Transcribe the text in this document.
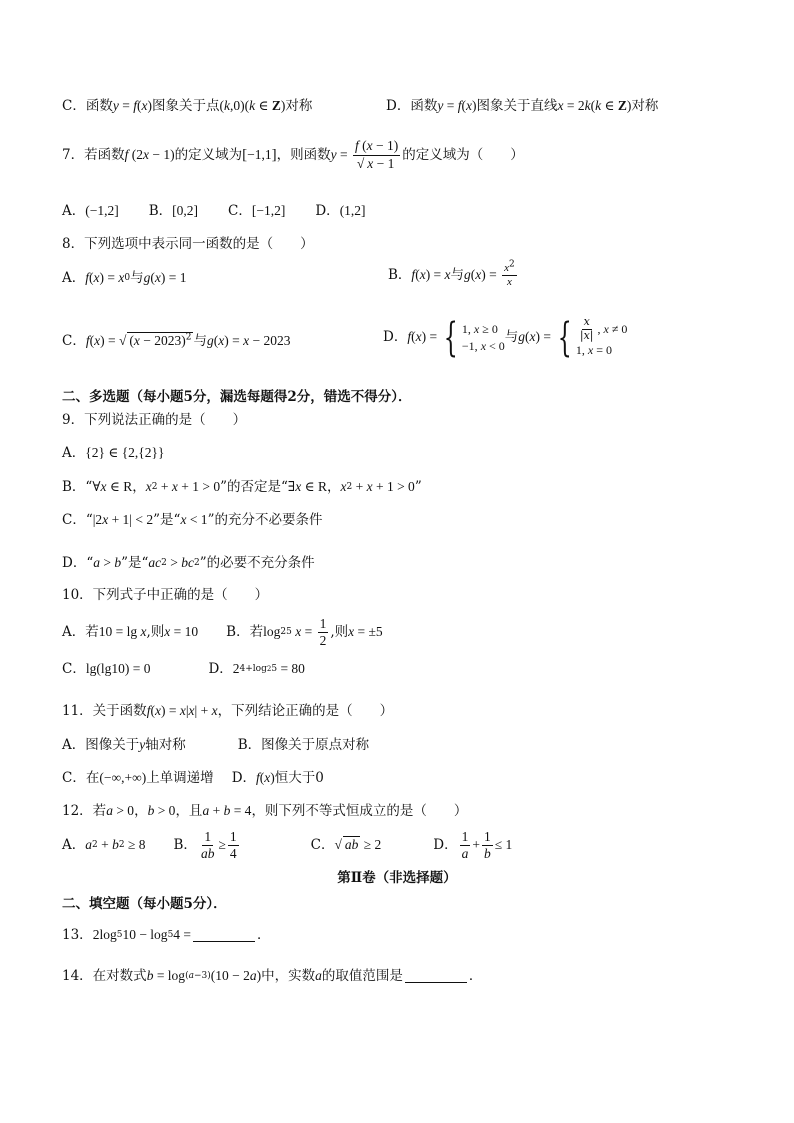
C．函数 y = f ( x ) 图象关于点 ( k ,0)( k ∈ Z) 对称	D．函数 y = f ( x ) 图象关于直线 x = 2 k ( k ∈ Z) 对称
7．若函数 f (2 x − 1) 的定义域为 [ −1,1 ] ，则函数 $y = \frac{f (x - 1)}{√ x - 1}$ 的定义域为（　　）
A． (−1,2] B． [0,2] C． [−1,2] D． (1,2]
8．下列选项中表示同一函数的是（　　）
A． f ( x ) = x 0 与 g ( x ) = 1	B． f ( x ) = x 与 g ( x ) = $\frac{x^2}{x}$
C． f ( x ) = √ $(x - 2023)^2$ 与 g ( x ) = x − 2023	D． f ( x ) = { 1, x ≥ 0
−1, x < 0
与 g ( x ) = { $\frac{x}{|x|}$ , x ≠ 0
1, x = 0
二、多选题（每小题5分，漏选每题得2分，错选不得分）．
9．下列说法正确的是（　　）
A． {2} ∈ {2,{2}}
B．“ ∀ x ∈ R ， x 2 + x + 1 > 0 ”的否定是“ ∃ x ∈ R ， x 2 + x + 1 > 0 ”
C．“ |2 x + 1| < 2 ”是“ x < 1 ”的充分不必要条件
D．“ a > b ”是“ ac 2 > bc 2 ”的必要不充分条件
10．下列式子中正确的是（　　）
A．若 10 = lg x ,则 x = 10 B．若 log 25
$x = \frac{1}{2}$ ,则 x = ±5
C． lg(lg10) = 0	D． 2 4+log25 = 80
11．关于函数 f ( x ) = x | x | + x ，下列结论正确的是（　　）
A．图像关于 y 轴对称	B．图像关于原点对称
C．在 (−∞,+∞) 上单调递增 D． f ( x ) 恒大于0
12．若 a > 0 ， b > 0 ，且 a + b = 4 ，则下列不等式恒成立的是（　　）
A． a 2 + b 2 ≥ 8 B． $\frac{1}{ab} \ge \frac{1}{4}$	C． √ ab ≥ 2	D． $\frac{1}{a} + \frac{1}{b} \le 1$
第Ⅱ卷（非选择题）
二、填空题（每小题5分）．
13． 2log 5 10 − log 5 4 =	．
14．在对数式 b = log (a−3) (10 − 2 a ) 中，实数 a 的取值范围是	．
